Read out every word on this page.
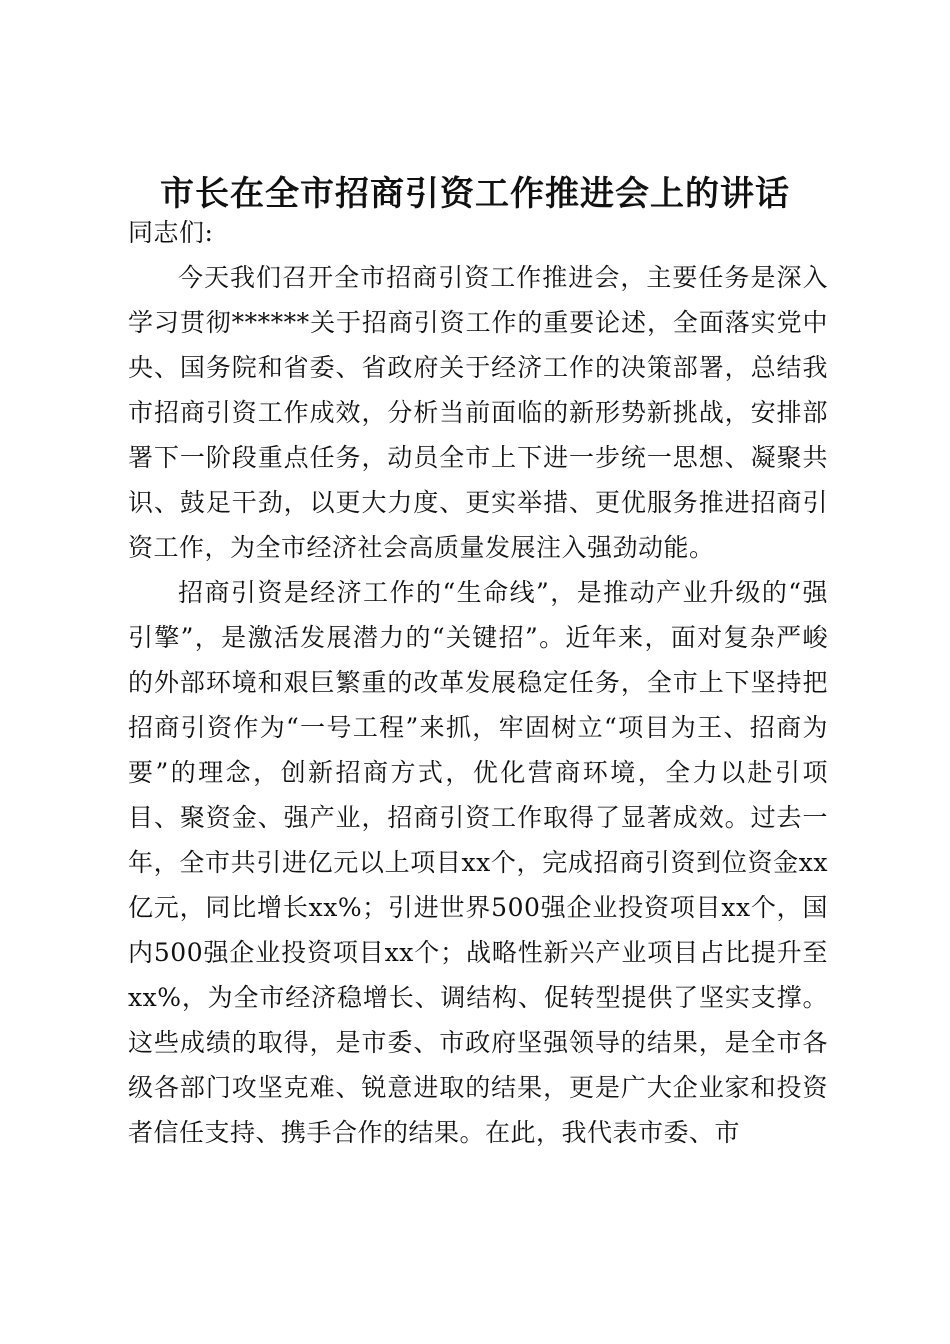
市长在全市招商引资工作推进会上的讲话

同志们:

今天我们召开全市招商引资工作推进会，主要任务是深入学习贯彻******关于招商引资工作的重要论述，全面落实党中央、国务院和省委、省政府关于经济工作的决策部署，总结我市招商引资工作成效，分析当前面临的新形势新挑战，安排部署下一阶段重点任务，动员全市上下进一步统一思想、凝聚共识、鼓足干劲，以更大力度、更实举措、更优服务推进招商引资工作，为全市经济社会高质量发展注入强劲动能。

招商引资是经济工作的“生命线”，是推动产业升级的“强引擎”，是激活发展潜力的“关键招”。近年来，面对复杂严峻的外部环境和艰巨繁重的改革发展稳定任务，全市上下坚持把招商引资作为“一号工程”来抓，牢固树立“项目为王、招商为要”的理念，创新招商方式，优化营商环境，全力以赴引项目、聚资金、强产业，招商引资工作取得了显著成效。过去一年，全市共引进亿元以上项目xx个，完成招商引资到位资金xx亿元，同比增长xx%；引进世界500强企业投资项目xx个，国内500强企业投资项目xx个；战略性新兴产业项目占比提升至xx%，为全市经济稳增长、调结构、促转型提供了坚实支撑。这些成绩的取得，是市委、市政府坚强领导的结果，是全市各级各部门攻坚克难、锐意进取的结果，更是广大企业家和投资者信任支持、携手合作的结果。在此，我代表市委、市
